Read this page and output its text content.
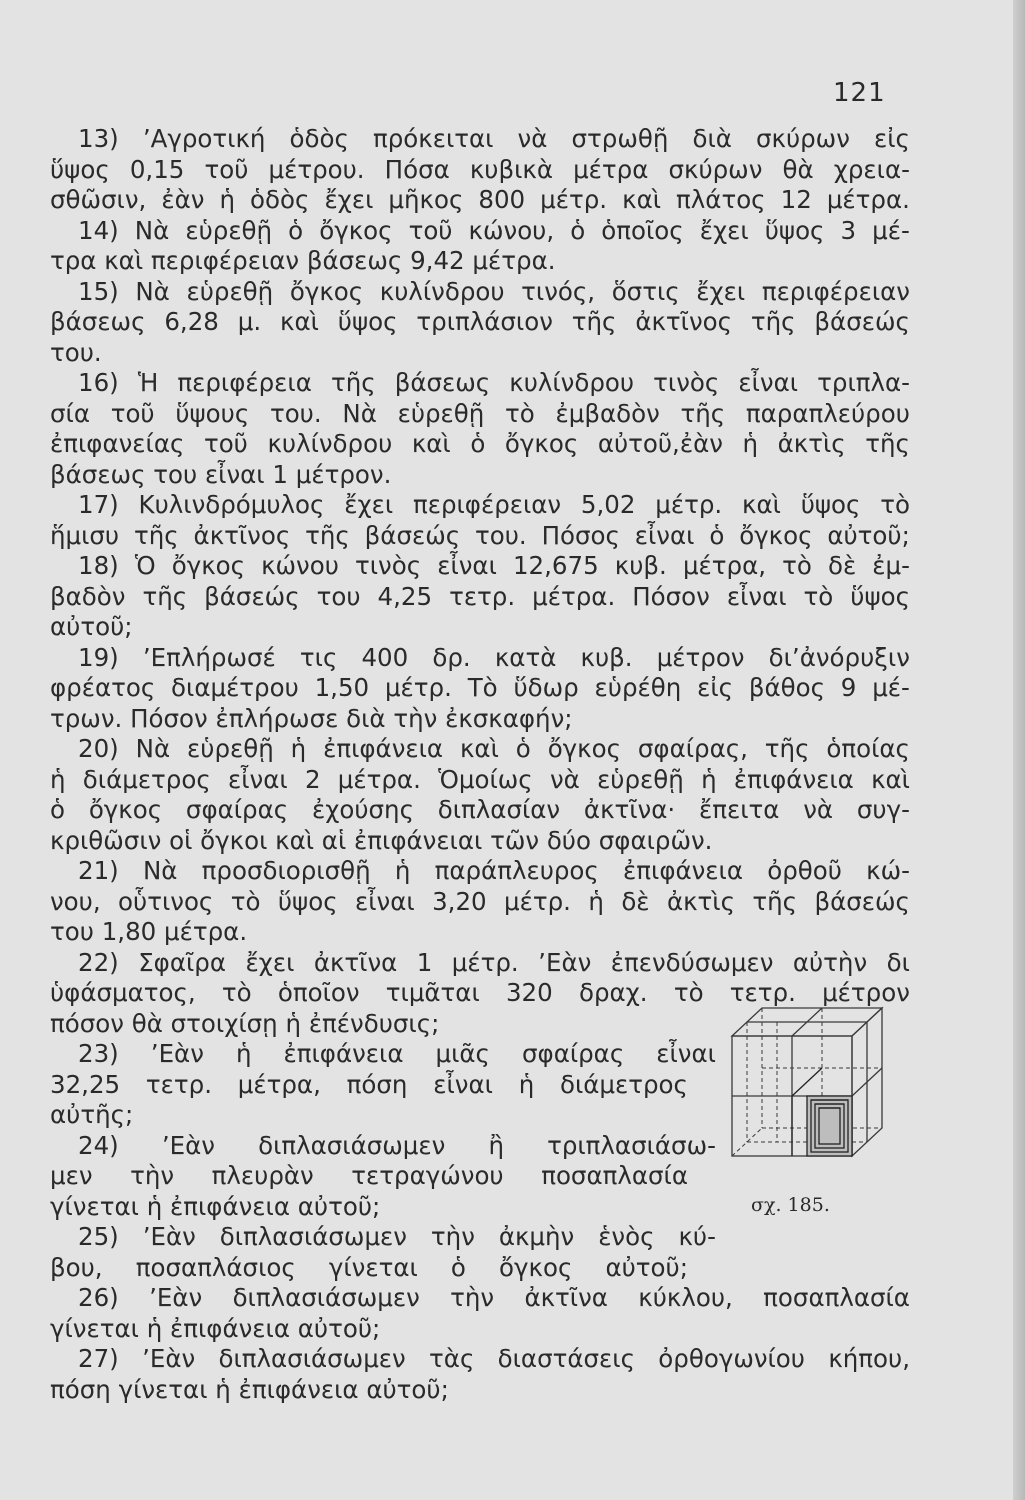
121
13) ’Αγροτική ὁδὸς πρόκειται νὰ στρωθῇ διὰ σκύρων εἰς
ὕψος 0,15 τοῦ μέτρου. Πόσα κυβικὰ μέτρα σκύρων θὰ χρεια-
σθῶσιν, ἐὰν ἡ ὁδὸς ἔχει μῆκος 800 μέτρ. καὶ πλάτος 12 μέτρα.
14) Νὰ εὑρεθῇ ὁ ὄγκος τοῦ κώνου, ὁ ὁποῖος ἔχει ὕψος 3 μέ-
τρα καὶ περιφέρειαν βάσεως 9,42 μέτρα.
15) Νὰ εὑρεθῇ ὄγκος κυλίνδρου τινός, ὅστις ἔχει περιφέρειαν
βάσεως 6,28 μ. καὶ ὕψος τριπλάσιον τῆς ἀκτῖνος τῆς βάσεώς
του.
16) Ἡ περιφέρεια τῆς βάσεως κυλίνδρου τινὸς εἶναι τριπλα-
σία τοῦ ὕψους του. Νὰ εὑρεθῇ τὸ ἐμβαδὸν τῆς παραπλεύρου
ἐπιφανείας τοῦ κυλίνδρου καὶ ὁ ὄγκος αὐτοῦ,ἐὰν ἡ ἀκτὶς τῆς
βάσεως του εἶναι 1 μέτρον.
17) Κυλινδρόμυλος ἔχει περιφέρειαν 5,02 μέτρ. καὶ ὕψος τὸ
ἥμισυ τῆς ἀκτῖνος τῆς βάσεώς του. Πόσος εἶναι ὁ ὄγκος αὐτοῦ;
18) Ὁ ὄγκος κώνου τινὸς εἶναι 12,675 κυβ. μέτρα, τὸ δὲ ἐμ-
βαδὸν τῆς βάσεώς του 4,25 τετρ. μέτρα. Πόσον εἶναι τὸ ὕψος
αὐτοῦ;
19) ’Επλήρωσέ τις 400 δρ. κατὰ κυβ. μέτρον δι’ἀνόρυξιν
φρέατος διαμέτρου 1,50 μέτρ. Τὸ ὕδωρ εὑρέθη εἰς βάθος 9 μέ-
τρων. Πόσον ἐπλήρωσε διὰ τὴν ἐκσκαφήν;
20) Νὰ εὑρεθῇ ἡ ἐπιφάνεια καὶ ὁ ὄγκος σφαίρας, τῆς ὁποίας
ἡ διάμετρος εἶναι 2 μέτρα. Ὁμοίως νὰ εὑρεθῇ ἡ ἐπιφάνεια καὶ
ὁ ὄγκος σφαίρας ἐχούσης διπλασίαν ἀκτῖνα· ἔπειτα νὰ συγ-
κριθῶσιν οἱ ὄγκοι καὶ αἱ ἐπιφάνειαι τῶν δύο σφαιρῶν.
21) Νὰ προσδιορισθῇ ἡ παράπλευρος ἐπιφάνεια ὀρθοῦ κώ-
νου, οὗτινος τὸ ὕψος εἶναι 3,20 μέτρ. ἡ δὲ ἀκτὶς τῆς βάσεώς
του 1,80 μέτρα.
22) Σφαῖρα ἔχει ἀκτῖνα 1 μέτρ. ’Εὰν ἐπενδύσωμεν αὐτὴν δι
ὑφάσματος, τὸ ὁποῖον τιμᾶται 320 δραχ. τὸ τετρ. μέτρον
πόσον θὰ στοιχίσῃ ἡ ἐπένδυσις;
23) ’Εὰν ἡ ἐπιφάνεια μιᾶς σφαίρας εἶναι
32,25 τετρ. μέτρα, πόση εἶναι ἡ διάμετρος
αὐτῆς;
24) ’Εὰν διπλασιάσωμεν ἢ τριπλασιάσω-
μεν τὴν πλευρὰν τετραγώνου ποσαπλασία
γίνεται ἡ ἐπιφάνεια αὐτοῦ;
25) ’Εὰν διπλασιάσωμεν τὴν ἀκμὴν ἑνὸς κύ-
βου, ποσαπλάσιος γίνεται ὁ ὄγκος αὐτοῦ;
26) ’Εὰν διπλασιάσωμεν τὴν ἀκτῖνα κύκλου, ποσαπλασία
γίνεται ἡ ἐπιφάνεια αὐτοῦ;
27) ’Εὰν διπλασιάσωμεν τὰς διαστάσεις ὀρθογωνίου κήπου,
πόση γίνεται ἡ ἐπιφάνεια αὐτοῦ;
σχ. 185.
